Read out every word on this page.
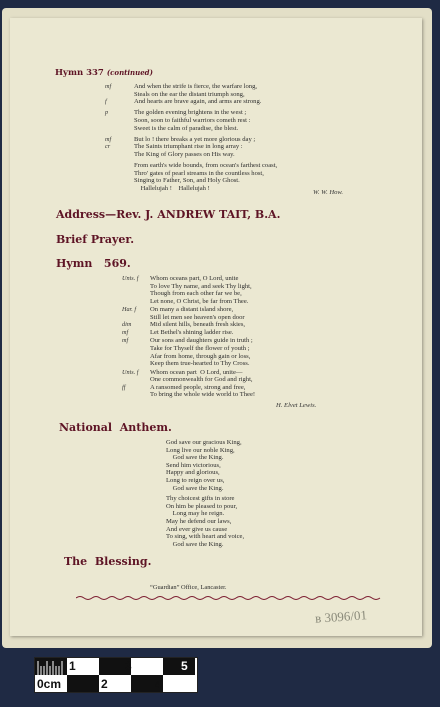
Hymn 337 (continued)
And when the strife is fierce, the warfare long,
mf
Steals on the ear the distant triumph song,
And hearts are brave again, and arms are strong.
f
The golden evening brightens in the west ;
p
Soon, soon to faithful warriors cometh rest :
Sweet is the calm of paradise, the blest.
But lo ! there breaks a yet more glorious day ;
mf
The Saints triumphant rise in long array :
cr
The King of Glory passes on His way.
From earth's wide bounds, from ocean's farthest coast,
Thro' gates of pearl streams in the countless host,
Singing to Father, Son, and Holy Ghost.
Hallelujah !    Hallelujah !
W. W. How.
Address—Rev. J. ANDREW TAIT, B.A.
Brief Prayer.
Hymn   569.
Whom oceans part, O Lord, unite
Unis. f
To love Thy name, and seek Thy light,
Though from each other far we be,
Let none, O Christ, be far from Thee.
On many a distant island shore,
Har. f
Still let men see heaven's open door
Mid silent hills, beneath fresh skies,
dim
Let Bethel's shining ladder rise.
mf
Our sons and daughters guide in truth ;
mf
Take for Thyself the flower of youth ;
Afar from home, through gain or loss,
Keep them true-hearted to Thy Cross.
Whom ocean part  O Lord, unite—
Unis. f
One commonwealth for God and right,
A ransomed people, strong and free,
ff
To bring the whole wide world to Thee!
H. Elvet Lewis.
National  Anthem.
God save our gracious King,
Long live our noble King,
God save the King.
Send him victorious,
Happy and glorious,
Long to reign over us,
God save the King.
Thy choicest gifts in store
On him be pleased to pour,
Long may he reign.
May he defend our laws,
And ever give us cause
To sing, with heart and voice,
God save the King.
The  Blessing.
“Guardian” Office, Lancaster.
в 3096/01
0cm
1
2
3
4
5
